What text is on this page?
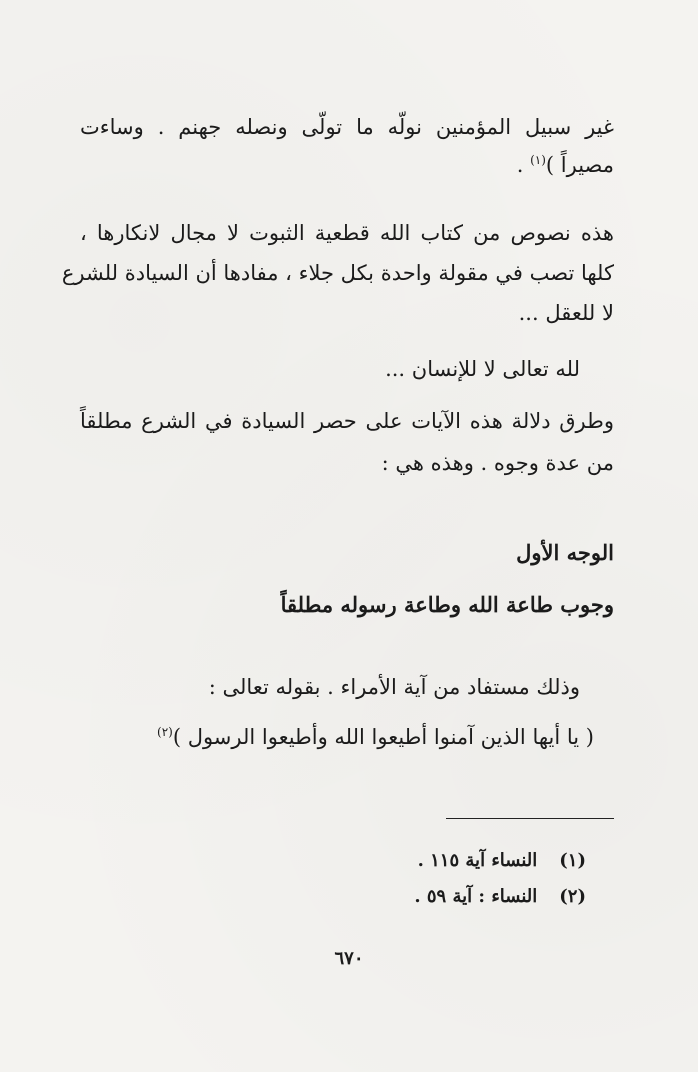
غير سبيل المؤمنين نولّه ما تولّى ونصله جهنم . وساءت
مصيراً )$^{(١)}$ .
هذه نصوص من كتاب الله قطعية الثبوت لا مجال لانكارها ،
كلها تصب في مقولة واحدة بكل جلاء ، مفادها أن السيادة للشرع
لا للعقل ...
لله تعالى لا للإنسان ...
وطرق دلالة هذه الآيات على حصر السيادة في الشرع مطلقاً
من عدة وجوه . وهذه هي :
الوجه الأول
وجوب طاعة الله وطاعة رسوله مطلقاً
وذلك مستفاد من آية الأمراء . بقوله تعالى :
( يا أيها الذين آمنوا أطيعوا الله وأطيعوا الرسول )$^{(٢)}$
(١)النساء آية ١١٥ .
(٢)النساء : آية ٥٩ .
٦٧٠
